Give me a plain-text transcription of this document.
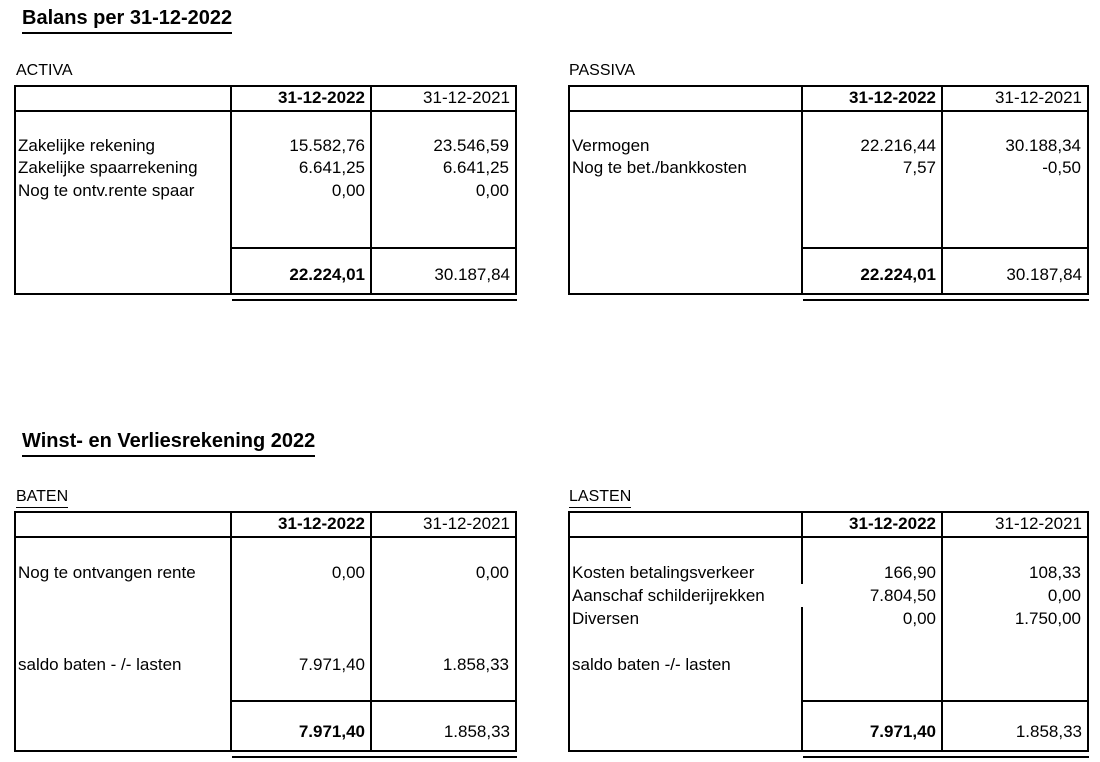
Balans per 31-12-2022
ACTIVA
31-12-2022	31-12-2021
Zakelijke rekening	15.582,76	23.546,59
Zakelijke spaarrekening	6.641,25	6.641,25
Nog te ontv.rente spaar	0,00	0,00
22.224,01	30.187,84
PASSIVA
31-12-2022	31-12-2021
Vermogen	22.216,44	30.188,34
Nog te bet./bankkosten	7,57	-0,50
22.224,01	30.187,84
Winst- en Verliesrekening 2022
BATEN
31-12-2022	31-12-2021
Nog te ontvangen rente	0,00	0,00
saldo baten - /- lasten	7.971,40	1.858,33
7.971,40	1.858,33
LASTEN
31-12-2022	31-12-2021
Kosten betalingsverkeer	166,90	108,33
Aanschaf schilderijrekken	7.804,50	0,00
Diversen	0,00	1.750,00
saldo baten -/- lasten
7.971,40	1.858,33
